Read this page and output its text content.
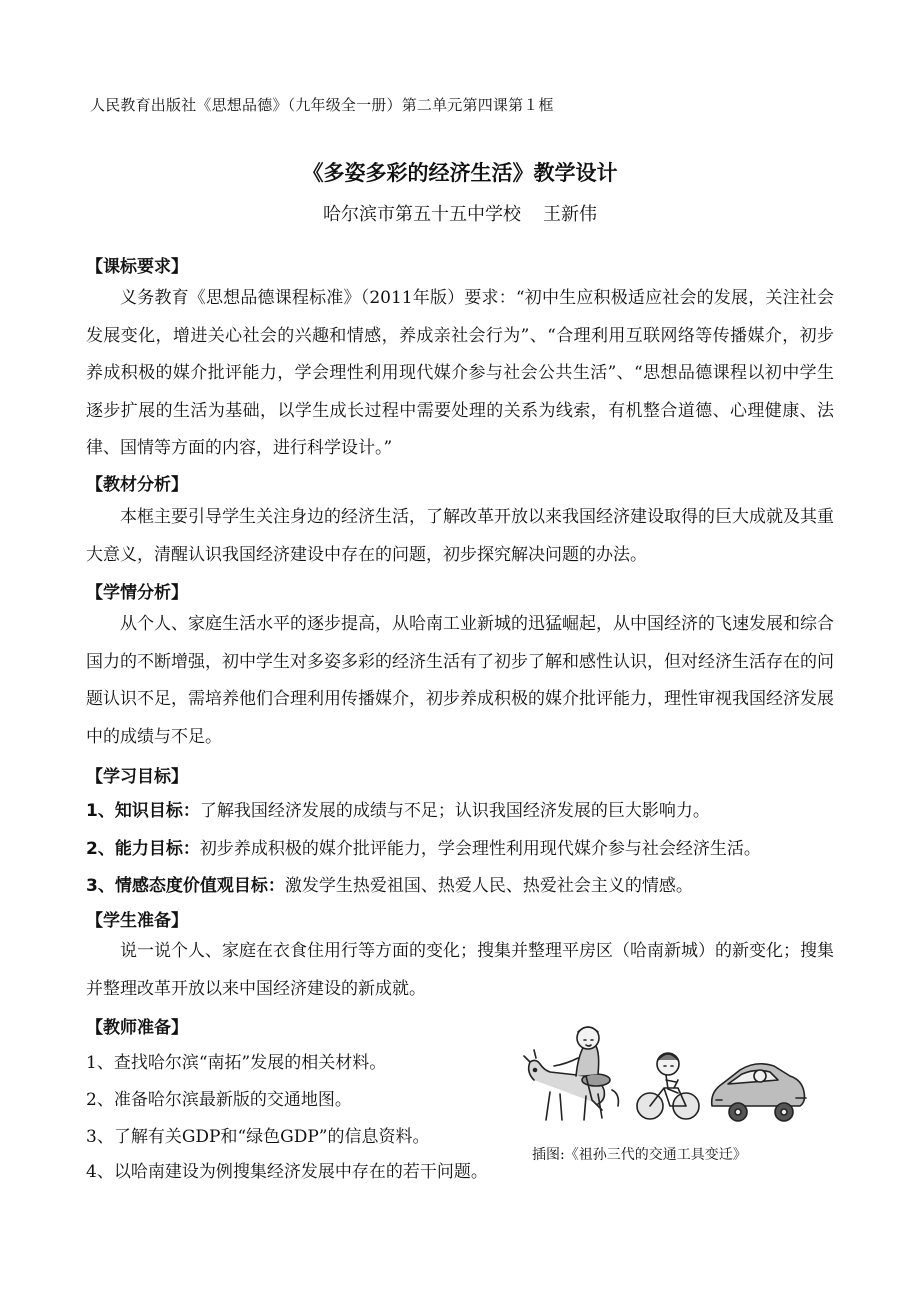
人民教育出版社《思想品德》（九年级全一册）第二单元第四课第１框
《多姿多彩的经济生活》教学设计
哈尔滨市第五十五中学校 王新伟
【课标要求】

义务教育《思想品德课程标准》（2011年版）要求：“初中生应积极适应社会的发展，关注社会发展变化，增进关心社会的兴趣和情感，养成亲社会行为”、“合理利用互联网络等传播媒介，初步养成积极的媒介批评能力，学会理性利用现代媒介参与社会公共生活”、“思想品德课程以初中学生逐步扩展的生活为基础，以学生成长过程中需要处理的关系为线索，有机整合道德、心理健康、法律、国情等方面的内容，进行科学设计。”

【教材分析】

本框主要引导学生关注身边的经济生活，了解改革开放以来我国经济建设取得的巨大成就及其重大意义，清醒认识我国经济建设中存在的问题，初步探究解决问题的办法。

【学情分析】

从个人、家庭生活水平的逐步提高，从哈南工业新城的迅猛崛起，从中国经济的飞速发展和综合国力的不断增强，初中学生对多姿多彩的经济生活有了初步了解和感性认识，但对经济生活存在的问题认识不足，需培养他们合理利用传播媒介，初步养成积极的媒介批评能力，理性审视我国经济发展中的成绩与不足。

【学习目标】
1、知识目标：了解我国经济发展的成绩与不足；认识我国经济发展的巨大影响力。
2、能力目标：初步养成积极的媒介批评能力，学会理性利用现代媒介参与社会经济生活。
3、情感态度价值观目标：激发学生热爱祖国、热爱人民、热爱社会主义的情感。
【学生准备】

说一说个人、家庭在衣食住用行等方面的变化；搜集并整理平房区（哈南新城）的新变化；搜集并整理改革开放以来中国经济建设的新成就。

【教师准备】
1、查找哈尔滨“南拓”发展的相关材料。
2、准备哈尔滨最新版的交通地图。
3、了解有关GDP和“绿色GDP”的信息资料。
4、以哈南建设为例搜集经济发展中存在的若干问题。
插图:《祖孙三代的交通工具变迁》
